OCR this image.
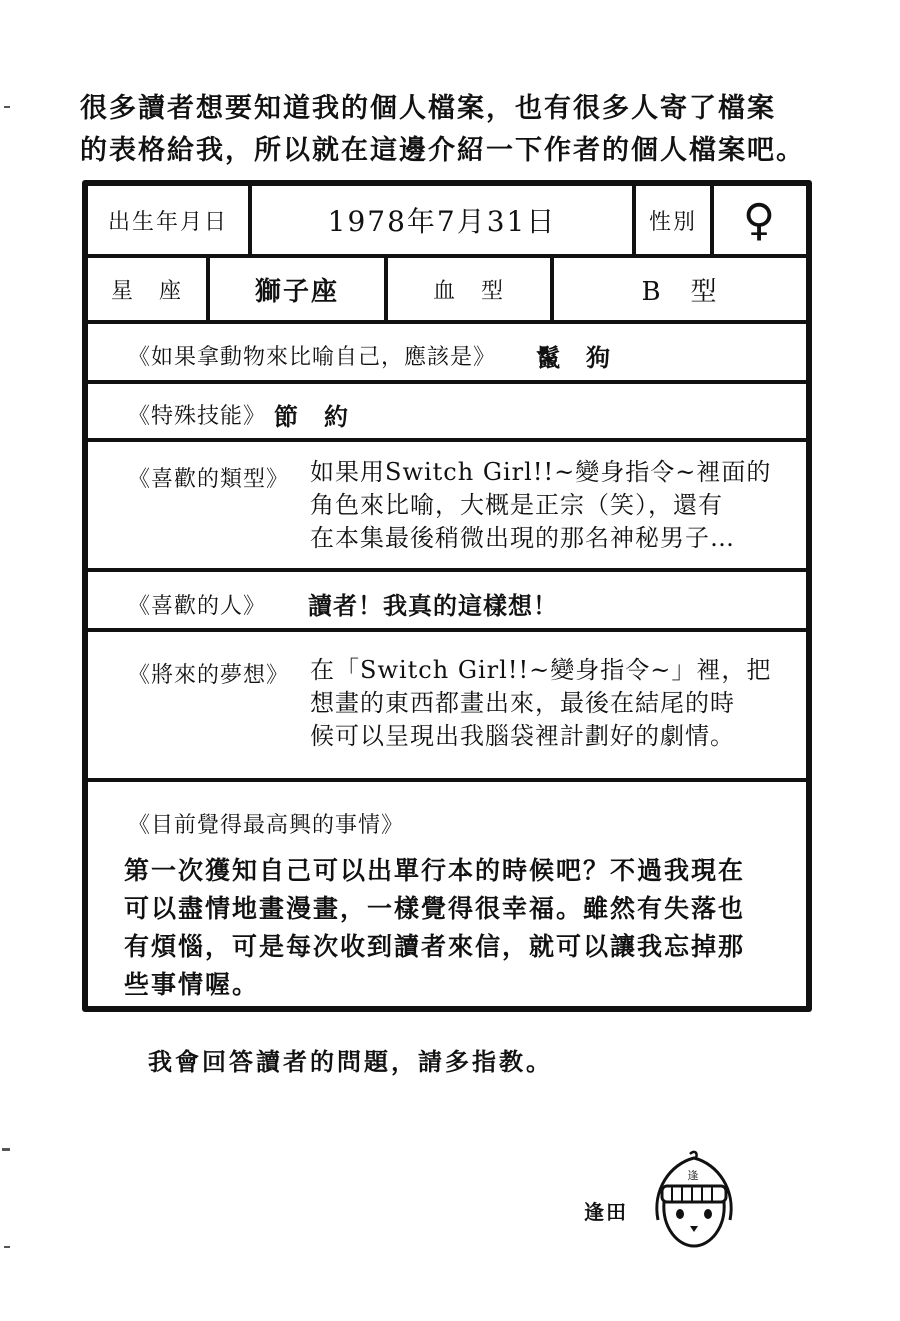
很多讀者想要知道我的個人檔案，也有很多人寄了檔案
的表格給我，所以就在這邊介紹一下作者的個人檔案吧。
出生年月日	1978年7月31日	性別	♀
星　座	獅子座	血　型	B　型
《如果拿動物來比喻自己，應該是》 鬣　狗
《特殊技能》 節　約
《喜歡的類型》 如果用Switch Girl!!~變身指令~裡面的
角色來比喻，大概是正宗（笑），還有
在本集最後稍微出現的那名神秘男子…
《喜歡的人》 讀者！我真的這樣想！
《將來的夢想》 在「Switch Girl!!~變身指令~」裡，把
想畫的東西都畫出來，最後在結尾的時
候可以呈現出我腦袋裡計劃好的劇情。
《目前覺得最高興的事情》
第一次獲知自己可以出單行本的時候吧？不過我現在
可以盡情地畫漫畫，一樣覺得很幸福。雖然有失落也
有煩惱，可是每次收到讀者來信，就可以讓我忘掉那
些事情喔。
我會回答讀者的問題，請多指教。
逢田
逢
